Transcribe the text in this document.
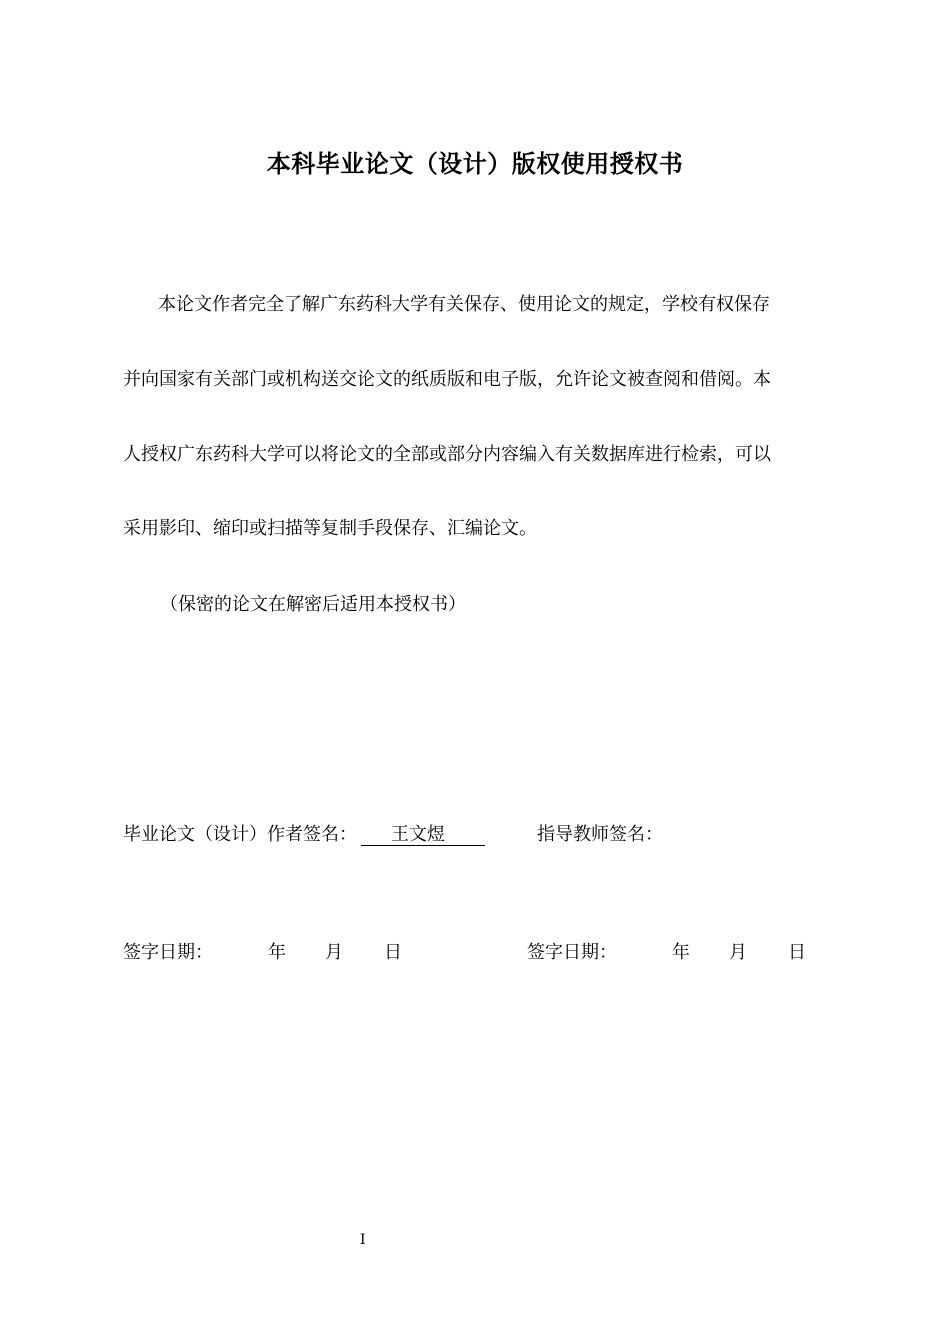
本科毕业论文（设计）版权使用授权书
本论文作者完全了解广东药科大学有关保存、使用论文的规定，学校有权保存
并向国家有关部门或机构送交论文的纸质版和电子版，允许论文被查阅和借阅。本
人授权广东药科大学可以将论文的全部或部分内容编入有关数据库进行检索，可以
采用影印、缩印或扫描等复制手段保存、汇编论文。
（保密的论文在解密后适用本授权书）
毕业论文（设计）作者签名： 王文煜	指导教师签名：
签字日期：	年 月 日	签字日期：	年 月 日
I
